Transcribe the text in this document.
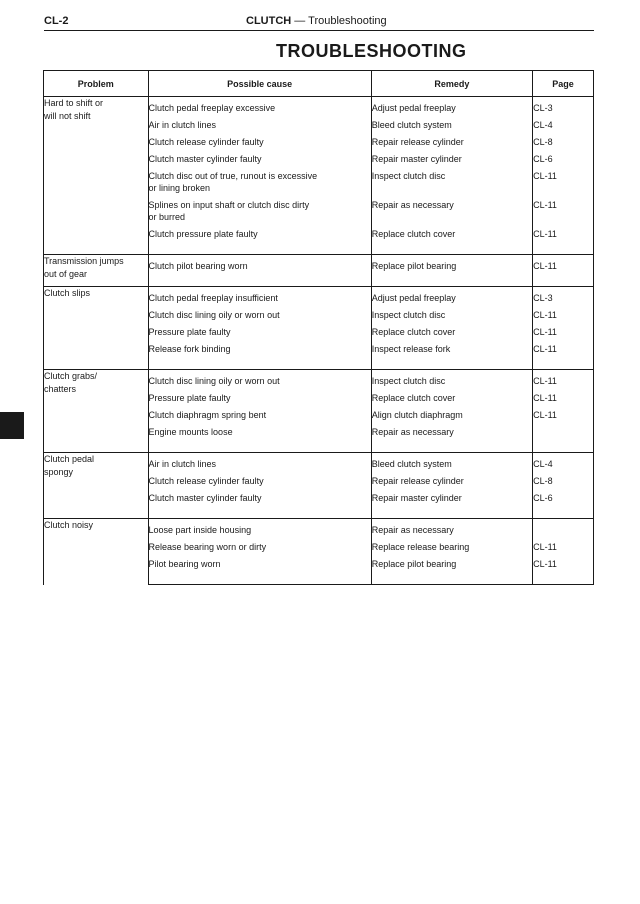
CL-2	CLUTCH — Troubleshooting
TROUBLESHOOTING
Problem	Possible cause	Remedy	Page
Hard to shift or
will not shift	Clutch pedal freeplay excessive	Adjust pedal freeplay	CL-3

	Air in clutch lines	Bleed clutch system	CL-4

	Clutch release cylinder faulty	Repair release cylinder	CL-8

	Clutch master cylinder faulty	Repair master cylinder	CL-6

	Clutch disc out of true, runout is excessive
or lining broken	Inspect clutch disc	CL-11

	Splines on input shaft or clutch disc dirty
or burred	Repair as necessary	CL-11

	Clutch pressure plate faulty	Replace clutch cover	CL-11

Transmission jumps
out of gear	Clutch pilot bearing worn	Replace pilot bearing	CL-11

Clutch slips	Clutch pedal freeplay insufficient	Adjust pedal freeplay	CL-3

	Clutch disc lining oily or worn out	Inspect clutch disc	CL-11

	Pressure plate faulty	Replace clutch cover	CL-11

	Release fork binding	Inspect release fork	CL-11

Clutch grabs/
chatters	Clutch disc lining oily or worn out	Inspect clutch disc	CL-11

	Pressure plate faulty	Replace clutch cover	CL-11

	Clutch diaphragm spring bent	Align clutch diaphragm	CL-11

	Engine mounts loose	Repair as necessary	

Clutch pedal
spongy	Air in clutch lines	Bleed clutch system	CL-4

	Clutch release cylinder faulty	Repair release cylinder	CL-8

	Clutch master cylinder faulty	Repair master cylinder	CL-6

Clutch noisy	Loose part inside housing	Repair as necessary	

	Release bearing worn or dirty	Replace release bearing	CL-11

	Pilot bearing worn	Replace pilot bearing	CL-11
